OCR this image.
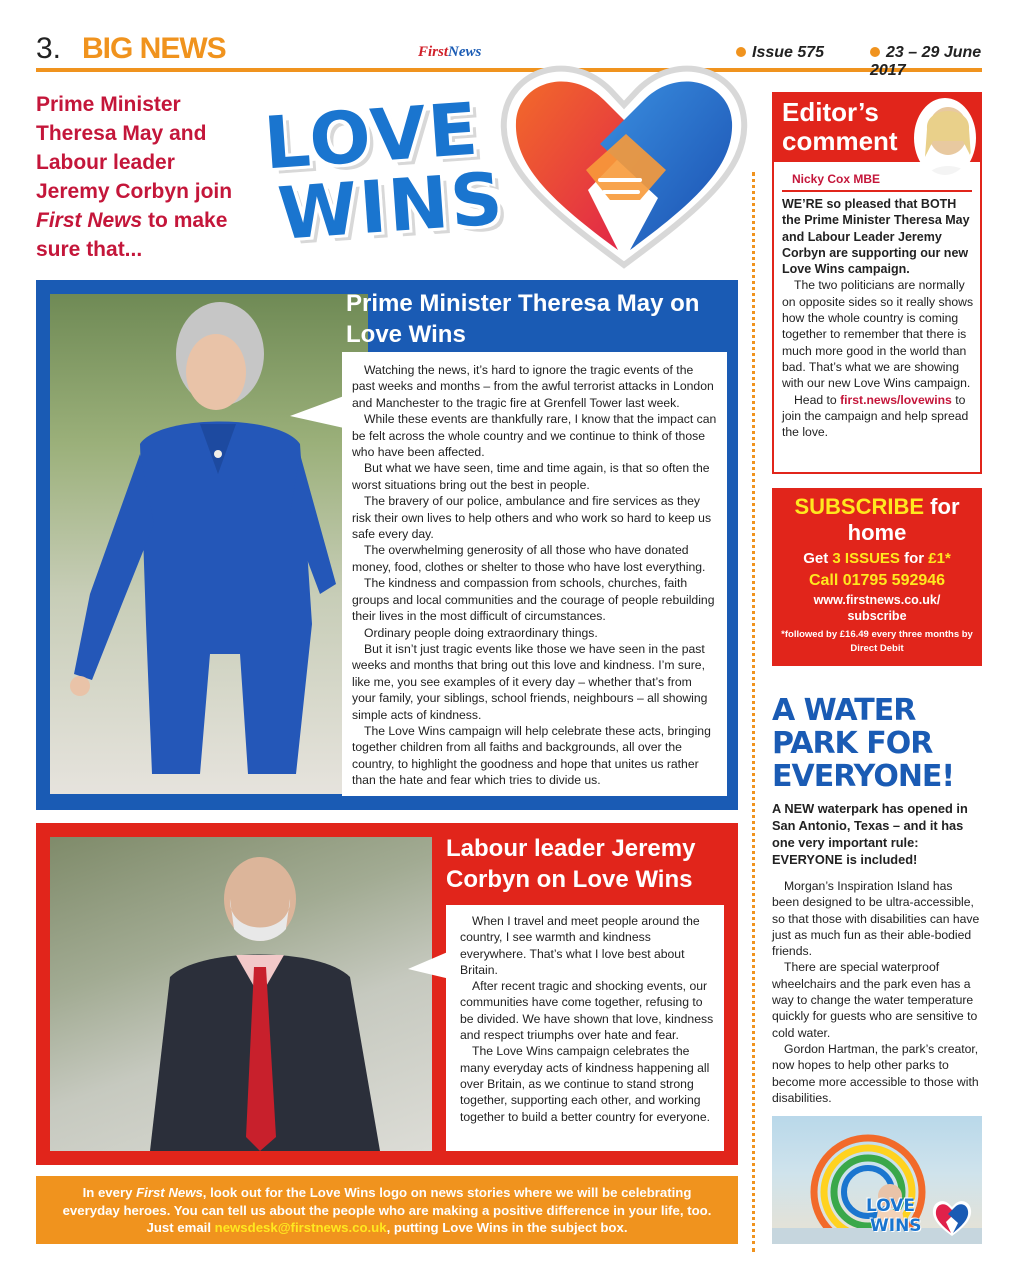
3. BIG NEWS	FirstNews	Issue 575	23 – 29 June 2017
Prime Minister Theresa May and Labour leader Jeremy Corbyn join First News to make sure that...
LOVE
WINS
Prime Minister Theresa May on Love Wins

Watching the news, it’s hard to ignore the tragic events of the past weeks and months – from the awful terrorist attacks in London and Manchester to the tragic fire at Grenfell Tower last week.

While these events are thankfully rare, I know that the impact can be felt across the whole country and we continue to think of those who have been affected.

But what we have seen, time and time again, is that so often the worst situations bring out the best in people.

The bravery of our police, ambulance and fire services as they risk their own lives to help others and who work so hard to keep us safe every day.

The overwhelming generosity of all those who have donated money, food, clothes or shelter to those who have lost everything.

The kindness and compassion from schools, churches, faith groups and local communities and the courage of people rebuilding their lives in the most difficult of circumstances.

Ordinary people doing extraordinary things.

But it isn’t just tragic events like those we have seen in the past weeks and months that bring out this love and kindness. I’m sure, like me, you see examples of it every day – whether that’s from your family, your siblings, school friends, neighbours – all showing simple acts of kindness.

The Love Wins campaign will help celebrate these acts, bringing together children from all faiths and backgrounds, all over the country, to highlight the goodness and hope that unites us rather than the hate and fear which tries to divide us.

Labour leader Jeremy Corbyn on Love Wins

When I travel and meet people around the country, I see warmth and kindness everywhere. That’s what I love best about Britain.

After recent tragic and shocking events, our communities have come together, refusing to be divided. We have shown that love, kindness and respect triumphs over hate and fear.

The Love Wins campaign celebrates the many everyday acts of kindness happening all over Britain, as we continue to stand strong together, supporting each other, and working together to build a better country for everyone.

In every First News, look out for the Love Wins logo on news stories where we will be celebrating everyday heroes. You can tell us about the people who are making a positive difference in your life, too. Just email newsdesk@firstnews.co.uk, putting Love Wins in the subject box.
Editor’s
comment
Nicky Cox MBE

WE’RE so pleased that BOTH the Prime Minister Theresa May and Labour Leader Jeremy Corbyn are supporting our new Love Wins campaign.

The two politicians are normally on opposite sides so it really shows how the whole country is coming together to remember that there is much more good in the world than bad. That’s what we are showing with our new Love Wins campaign.

Head to first.news/lovewins to join the campaign and help spread the love.

SUBSCRIBE for home
Get 3 ISSUES for £1*
Call 01795 592946
www.firstnews.co.uk/
subscribe
*followed by £16.49 every three months by Direct Debit
A WATER PARK FOR EVERYONE!
A NEW waterpark has opened in San Antonio, Texas – and it has one very important rule: EVERYONE is included!

Morgan’s Inspiration Island has been designed to be ultra-accessible, so that those with disabilities can have just as much fun as their able-bodied friends.

There are special waterproof wheelchairs and the park even has a way to change the water temperature quickly for guests who are sensitive to cold water.

Gordon Hartman, the park’s creator, now hopes to help other parks to become more accessible to those with disabilities.

LOVE
WINS
